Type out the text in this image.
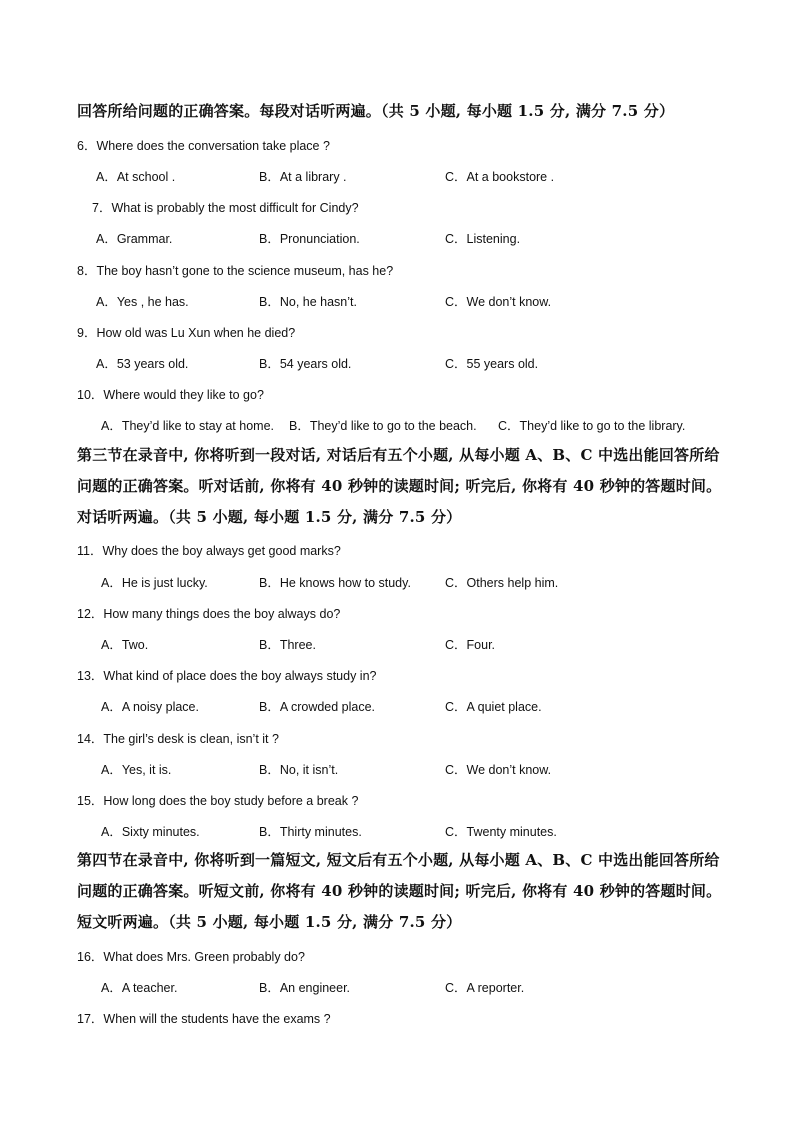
回答所给问题的正确答案。每段对话听两遍。（共 5 小题, 每小题 1.5 分, 满分 7.5 分）
6．Where does the conversation take place ?
A．At school .	B．At a library .	C．At a bookstore .
7．What is probably the most difficult for Cindy?
A．Grammar.	B．Pronunciation.	C．Listening.
8．The boy hasn’t gone to the science museum, has he?
A．Yes , he has.	B．No, he hasn’t.	C．We don’t know.
9．How old was Lu Xun when he died?
A．53 years old.	B．54 years old.	C．55 years old.
10．Where would they like to go?
A．They’d like to stay at home. B．They’d like to go to the beach. C．They’d like to go to the library.
第三节在录音中, 你将听到一段对话, 对话后有五个小题, 从每小题 A、B、C 中选出能回答所给问题的正确答案。听对话前, 你将有 40 秒钟的读题时间; 听完后, 你将有 40 秒钟的答题时间。对话听两遍。（共 5 小题, 每小题 1.5 分, 满分 7.5 分）
11．Why does the boy always get good marks?
A．He is just lucky.	B．He knows how to study.	C．Others help him.
12．How many things does the boy always do?
A．Two.	B．Three.	C．Four.
13．What kind of place does the boy always study in?
A．A noisy place.	B．A crowded place.	C．A quiet place.
14．The girl’s desk is clean, isn’t it ?
A．Yes, it is.	B．No, it isn’t.	C．We don’t know.
15．How long does the boy study before a break ?
A．Sixty minutes.	B．Thirty minutes.	C．Twenty minutes.
第四节在录音中, 你将听到一篇短文, 短文后有五个小题, 从每小题 A、B、C 中选出能回答所给问题的正确答案。听短文前, 你将有 40 秒钟的读题时间; 听完后, 你将有 40 秒钟的答题时间。短文听两遍。（共 5 小题, 每小题 1.5 分, 满分 7.5 分）
16．What does Mrs. Green probably do?
A．A teacher.	B．An engineer.	C．A reporter.
17．When will the students have the exams ?
